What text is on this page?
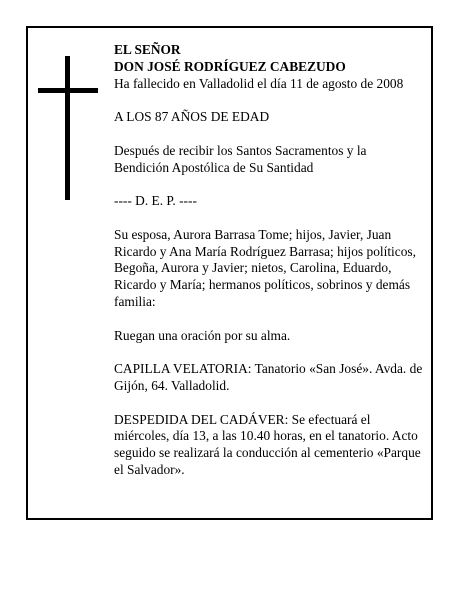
EL SEÑOR

DON JOSÉ RODRÍGUEZ CABEZUDO

Ha fallecido en Valladolid el día 11 de agosto de 2008

A LOS 87 AÑOS DE EDAD

Después de recibir los Santos Sacramentos y la Bendición Apostólica de Su Santidad

---- D. E. P. ----

Su esposa, Aurora Barrasa Tome; hijos, Javier, Juan Ricardo y Ana María Rodríguez Barrasa; hijos políticos, Begoña, Aurora y Javier; nietos, Carolina, Eduardo, Ricardo y María; hermanos políticos, sobrinos y demás familia:

Ruegan una oración por su alma.

CAPILLA VELATORIA: Tanatorio «San José». Avda. de Gijón, 64. Valladolid.

DESPEDIDA DEL CADÁVER: Se efectuará el miércoles, día 13, a las 10.40 horas, en el tanatorio. Acto seguido se realizará la conducción al cementerio «Parque el Salvador».
